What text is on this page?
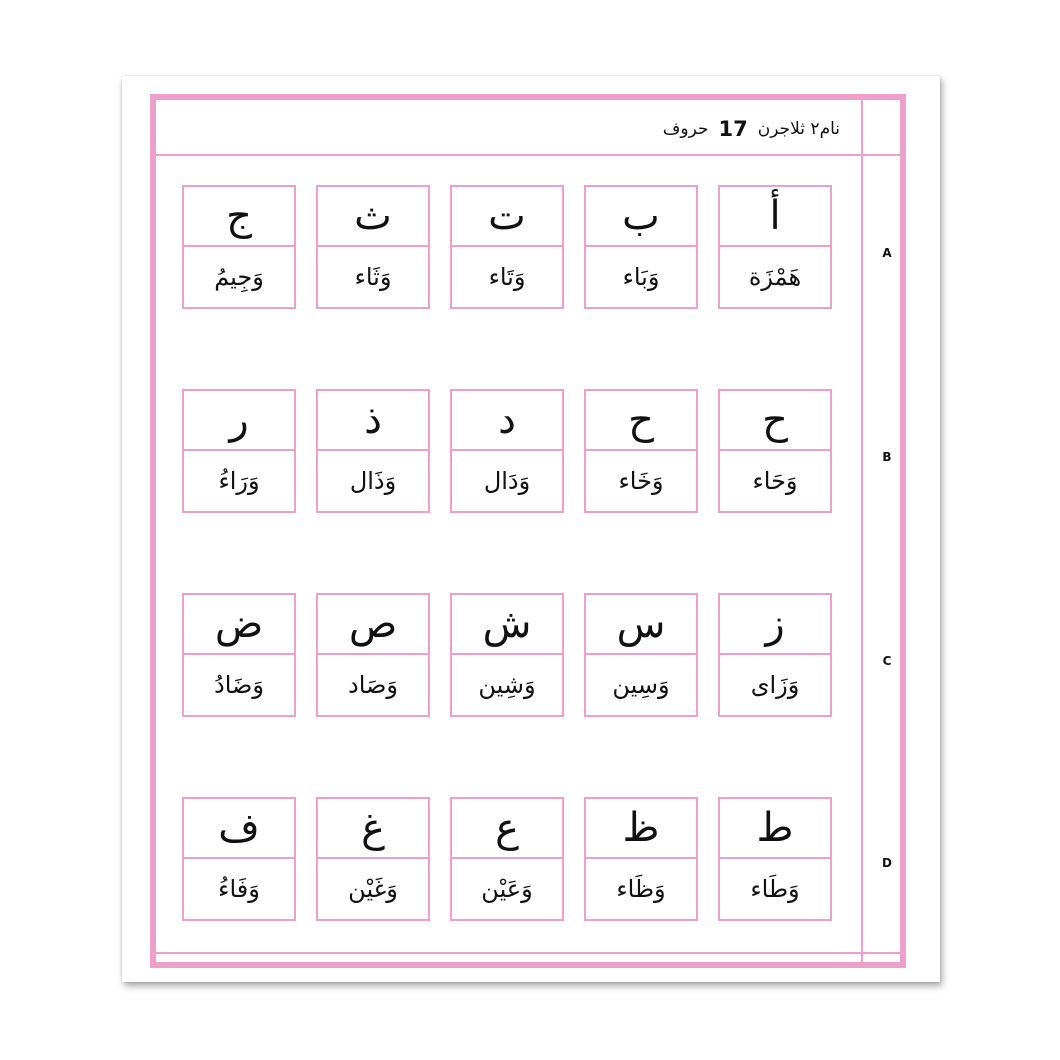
حروف 17 نام۲ ثلاجرن
A
أ
هَمْزَة
ب
وَبَاء
ت
وَتَاء
ث
وَثَاء
ج
وَجِيمُ
B
ح
وَحَاء
ح
وَخَاء
د
وَدَال
ذ
وَذَال
ر
وَرَاءُ
C
ز
وَزَاى
س
وَسِين
ش
وَشِين
ص
وَصَاد
ض
وَضَادُ
D
ط
وَطَاء
ظ
وَظَاء
ع
وَعَيْن
غ
وَغَيْن
ف
وَفَاءُ
